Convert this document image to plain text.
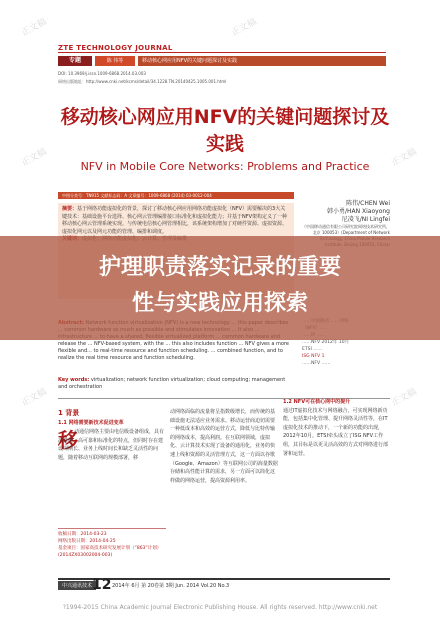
正文稿	正文稿
正文稿	正文稿
正文稿	正文稿
ZTE TECHNOLOGY JOURNAL
专题	陈 伟等	移动核心网应用NFV的关键问题探讨及实践
DOI: 10.3969/j.issn.1009-6868.2014.03.003
网络出版地址：http://www.cnki.net/kcms/detail/34.1228.TN.20140425.1005.001.html
移动核心网应用NFV的关键问题探讨及实践
NFV in Mobile Core Networks: Problems and Practice
中图分类号：TN915 文献标志码：A 文章编号：1009-6868 (2014) 03-0012-004
摘要：基于网络功能虚拟化的背景，探讨了移动核心网应用网络功能虚拟化（NFV）需要解决的3大关键技术：基础设施平台选择、核心网云管理编排接口标准化和虚拟化能力；并基于NFV架构定义了一种移动核心网云管理系统实现。与传统电信核心网管理相比，该系统架构增加了对硬件资源、虚拟资源、虚拟化网元以及网元功能的管理、编排和调度。

陈伟/CHEN Wei
韩小勇/HAN Xiaoyong
尼凌飞/NI Lingfei
（中国移动通信有限公司研究院网络技术研究所，北京 100053）(Department of Network
release the ... NFV-based system, with the ... this also includes function ... NFV gives a more flexible and... to real-time resource and function scheduling. ... combined function, and to realize the real time resource and function scheduling.
Key words: virtualization; network function virtualization; cloud computing; management and orchestration
……NFV 2012年 10月
ETSI ……
ISG NFV 1
……NFV ……
1 背景
1.1 网络需要新技术促进变革
移
动通信网络主要由电信级设备组成，具有高性能、高可靠和标准化的特点，但同时存在建设周期长、业务上线时间长和缺乏灵活性的问题，随着移动互联网的规模部署，移
收稿日期：2014-03-23
网络出版日期：2014-04-25
基金项目：国家高技术研究发展计划（“863”计划）(2014ZX03002004-003)
动网络面临的流量将呈指数级增长，而传统的基础设施无法适应业务需求。移动运营商迫切需要一种低成本和高效的运营方式，降低与比特传输的网络成本，提高利润。在互联网领域，虚拟化、云计算技术实现了设备的通用化，业务的快速上线和资源的灵活管理方式，这一方面以谷歌（Google、Amazon）等互联网公司的海量数据存储和高性能计算的需求，另一方面可以简化这样做的网络运营，提高资源利用率。
1.2 NFV可在核心网中的提升
通过IT虚拟化技术与网络融合，可实现网络新功能，包括集中化管理、提升网络灵活性等，在IT虚拟化技术的推动下，一个新的功能的出现，2012年10月，ETSI牵头成立了ISG NFV工作组，其目标是以更灵活高效的方式对网络进行部署和运营。
中兴通讯技术 12 2014年 6月 第 20卷第 3期 Jun. 2014 Vol.20 No.3
?1994-2015 China Academic Journal Electronic Publishing House. All rights reserved. http://www.cnki.net
护理职责落实记录的重要
性与实践应用探索
